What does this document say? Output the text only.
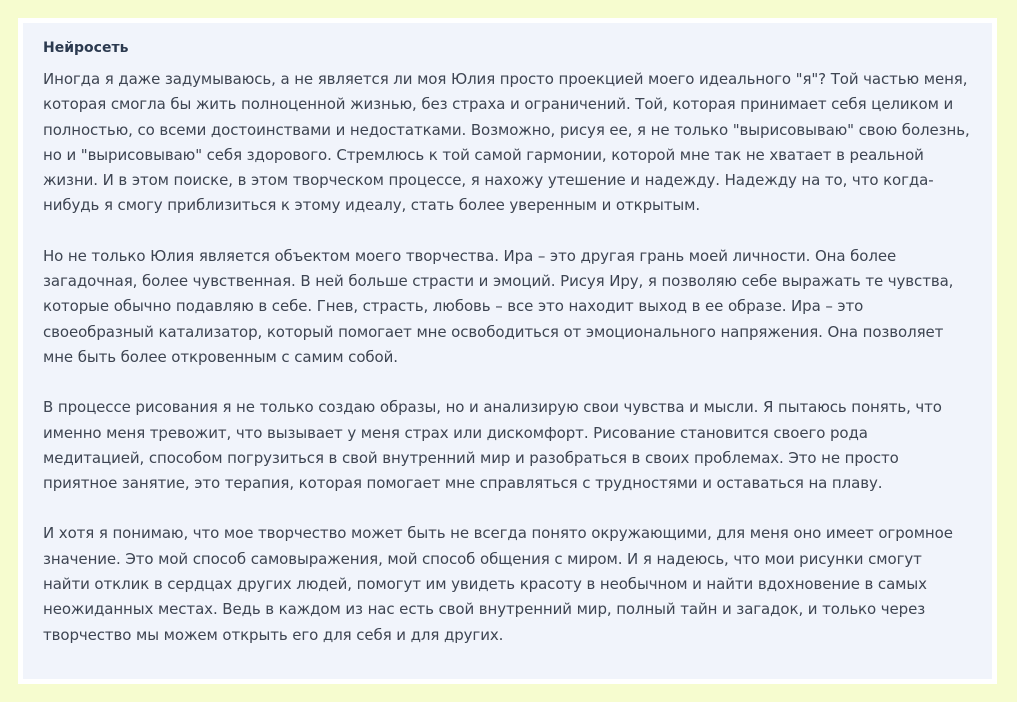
Нейросеть

Иногда я даже задумываюсь, а не является ли моя Юлия просто проекцией моего идеального "я"? Той частью меня, которая смогла бы жить полноценной жизнью, без страха и ограничений. Той, которая принимает себя целиком и полностью, со всеми достоинствами и недостатками. Возможно, рисуя ее, я не только "вырисовываю" свою болезнь, но и "вырисовываю" себя здорового. Стремлюсь к той самой гармонии, которой мне так не хватает в реальной жизни. И в этом поиске, в этом творческом процессе, я нахожу утешение и надежду. Надежду на то, что когда-нибудь я смогу приблизиться к этому идеалу, стать более уверенным и открытым.

Но не только Юлия является объектом моего творчества. Ира – это другая грань моей личности. Она более загадочная, более чувственная. В ней больше страсти и эмоций. Рисуя Иру, я позволяю себе выражать те чувства, которые обычно подавляю в себе. Гнев, страсть, любовь – все это находит выход в ее образе. Ира – это своеобразный катализатор, который помогает мне освободиться от эмоционального напряжения. Она позволяет мне быть более откровенным с самим собой.

В процессе рисования я не только создаю образы, но и анализирую свои чувства и мысли. Я пытаюсь понять, что именно меня тревожит, что вызывает у меня страх или дискомфорт. Рисование становится своего рода медитацией, способом погрузиться в свой внутренний мир и разобраться в своих проблемах. Это не просто приятное занятие, это терапия, которая помогает мне справляться с трудностями и оставаться на плаву.

И хотя я понимаю, что мое творчество может быть не всегда понято окружающими, для меня оно имеет огромное значение. Это мой способ самовыражения, мой способ общения с миром. И я надеюсь, что мои рисунки смогут найти отклик в сердцах других людей, помогут им увидеть красоту в необычном и найти вдохновение в самых неожиданных местах. Ведь в каждом из нас есть свой внутренний мир, полный тайн и загадок, и только через творчество мы можем открыть его для себя и для других.
